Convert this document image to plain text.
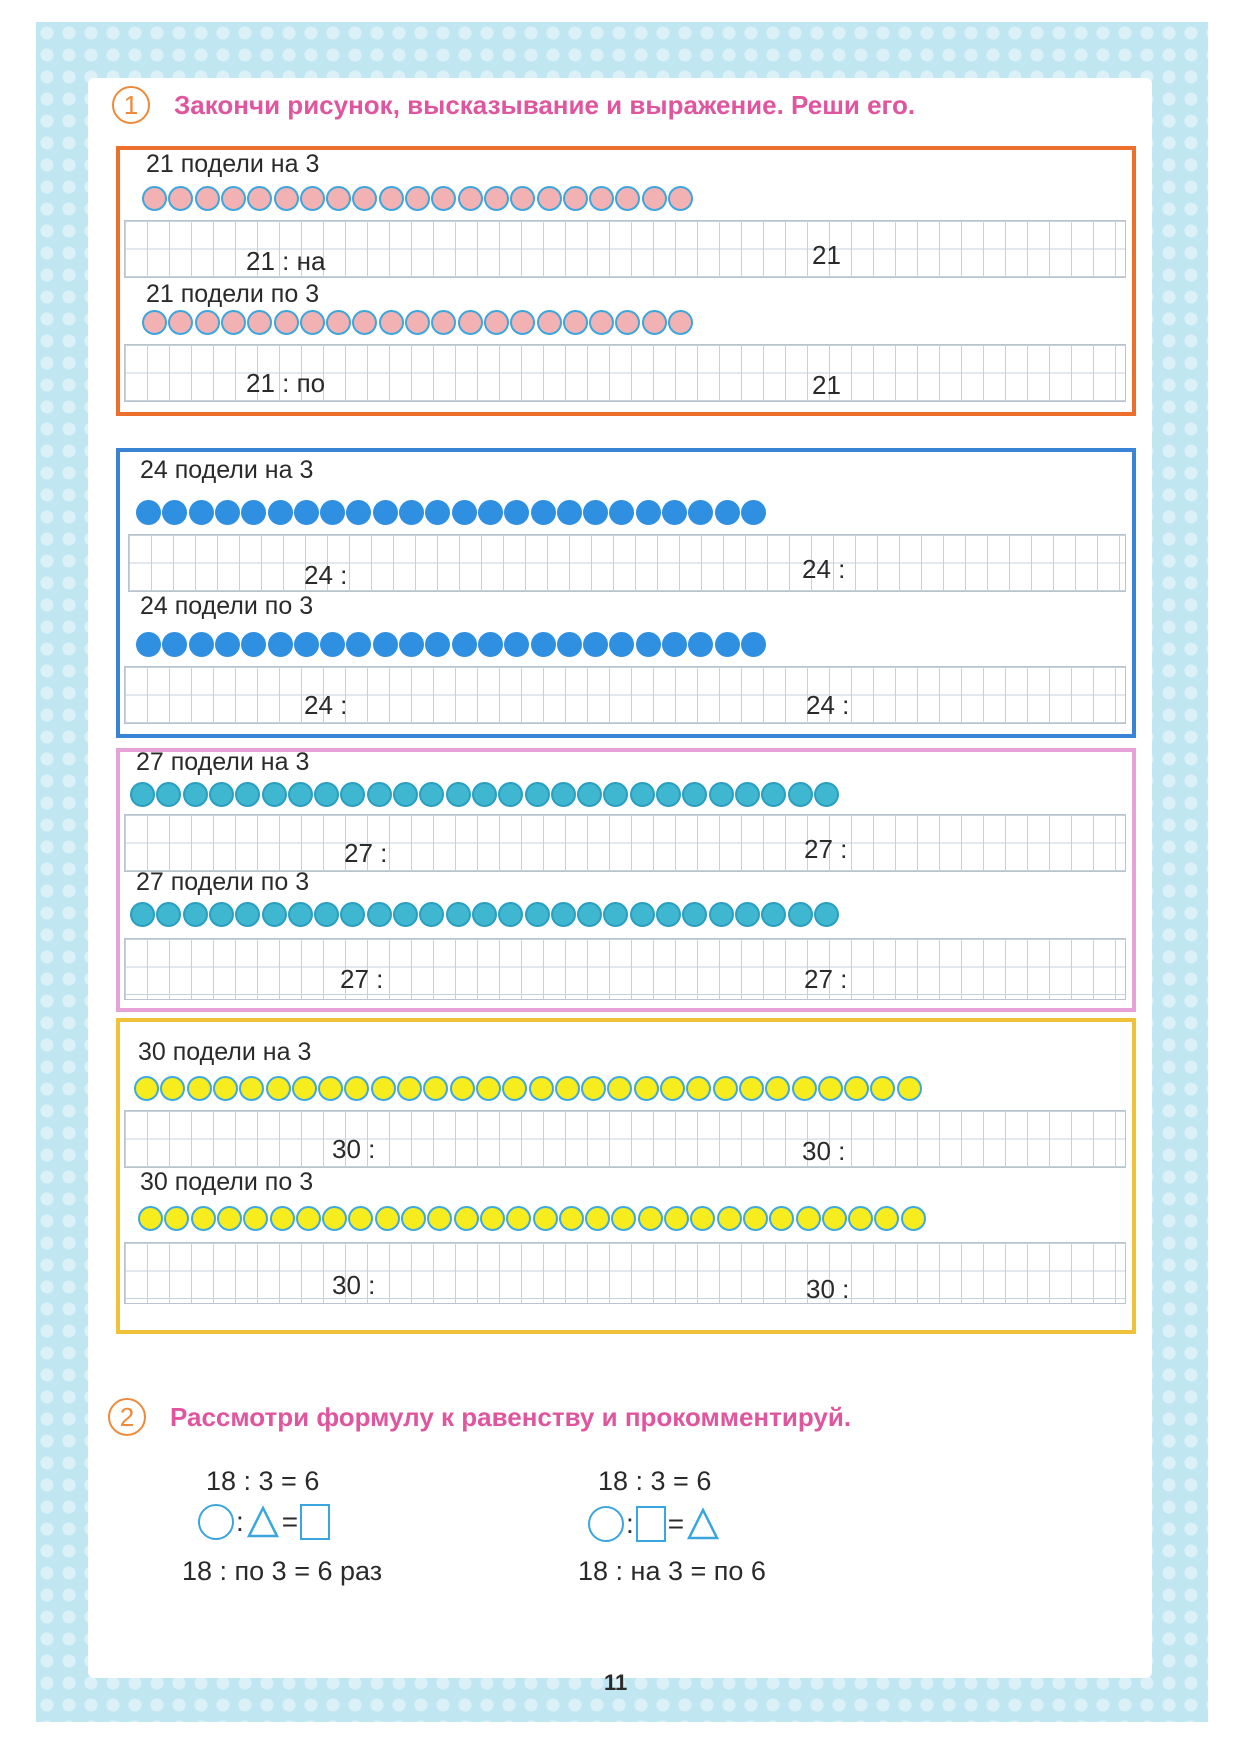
1	Закончи рисунок, высказывание и выражение. Реши его.
21 подели на 3
21 : на	21
21 подели по 3
21 : по	21
24 подели на 3
24 :	24 :
24 подели по 3
24 :	24 :
27 подели на 3
27 :	27 :
27 подели по 3
27 :	27 :
30 подели на 3
30 :	30 :
30 подели по 3
30 :	30 :
2	Рассмотри формулу к равенству и прокомментируй.
18 : 3 = 6
: =
18 : по 3 = 6 раз
18 : 3 = 6
: =
18 : на 3 = по 6
11
